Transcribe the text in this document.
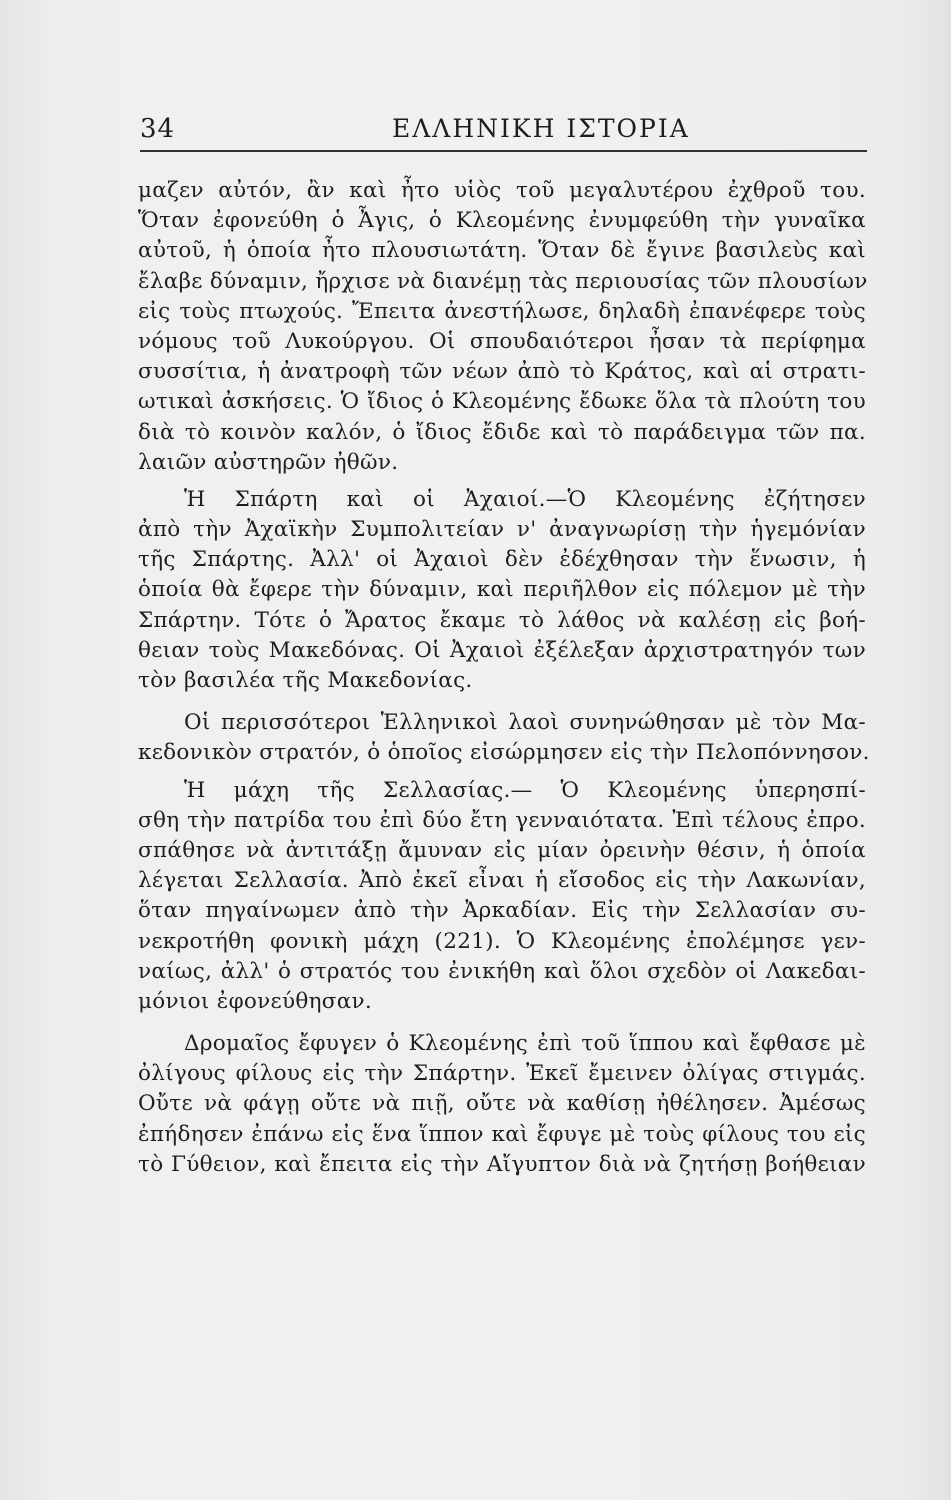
34	ΕΛΛΗΝΙΚΗ ΙΣΤΟΡΙΑ
μαζεν αὐτόν, ἂν καὶ ἦτο υἱὸς τοῦ μεγαλυτέρου ἐχθροῦ του.
Ὅταν ἐφονεύθη ὁ Ἆγις, ὁ Κλεομένης ἐνυμφεύθη τὴν γυναῖκα
αὐτοῦ, ἡ ὁποία ἦτο πλουσιωτάτη. Ὅταν δὲ ἔγινε βασιλεὺς καὶ
ἔλαβε δύναμιν, ἤρχισε νὰ διανέμῃ τὰς περιουσίας τῶν πλουσίων
εἰς τοὺς πτωχούς. Ἔπειτα ἀνεστήλωσε, δηλαδὴ ἐπανέφερε τοὺς
νόμους τοῦ Λυκούργου. Οἱ σπουδαιότεροι ἦσαν τὰ περίφημα
συσσίτια, ἡ ἀνατροφὴ τῶν νέων ἀπὸ τὸ Κράτος, καὶ αἱ στρατι-
ωτικαὶ ἀσκήσεις. Ὁ ἴδιος ὁ Κλεομένης ἔδωκε ὅλα τὰ πλούτη του
διὰ τὸ κοινὸν καλόν, ὁ ἴδιος ἔδιδε καὶ τὸ παράδειγμα τῶν πα.
λαιῶν αὐστηρῶν ἠθῶν.
Ἡ Σπάρτη καὶ οἱ Ἀχαιοί.—Ὁ Κλεομένης ἐζήτησεν
ἀπὸ τὴν Ἀχαϊκὴν Συμπολιτείαν ν' ἀναγνωρίσῃ τὴν ἡγεμόνίαν
τῆς Σπάρτης. Ἀλλ' οἱ Ἀχαιοὶ δὲν ἐδέχθησαν τὴν ἕνωσιν, ἡ
ὁποία θὰ ἔφερε τὴν δύναμιν, καὶ περιῆλθον εἰς πόλεμον μὲ τὴν
Σπάρτην. Τότε ὁ Ἄρατος ἔκαμε τὸ λάθος νὰ καλέσῃ εἰς βοή-
θειαν τοὺς Μακεδόνας. Οἱ Ἀχαιοὶ ἐξέλεξαν ἀρχιστρατηγόν των
τὸν βασιλέα τῆς Μακεδονίας.
Οἱ περισσότεροι Ἑλληνικοὶ λαοὶ συνηνώθησαν μὲ τὸν Μα-
κεδονικὸν στρατόν, ὁ ὁποῖος εἰσώρμησεν εἰς τὴν Πελοπόννησον.
Ἡ μάχη τῆς Σελλασίας.— Ὁ Κλεομένης ὑπερησπί-
σθη τὴν πατρίδα του ἐπὶ δύο ἔτη γενναιότατα. Ἐπὶ τέλους ἐπρο.
σπάθησε νὰ ἀντιτάξῃ ἄμυναν εἰς μίαν ὀρεινὴν θέσιν, ἡ ὁποία
λέγεται Σελλασία. Ἀπὸ ἐκεῖ εἶναι ἡ εἴσοδος εἰς τὴν Λακωνίαν,
ὅταν πηγαίνωμεν ἀπὸ τὴν Ἀρκαδίαν. Εἰς τὴν Σελλασίαν συ-
νεκροτήθη φονικὴ μάχη (221). Ὁ Κλεομένης ἐπολέμησε γεν-
ναίως, ἀλλ' ὁ στρατός του ἐνικήθη καὶ ὅλοι σχεδὸν οἱ Λακεδαι-
μόνιοι ἐφονεύθησαν.
Δρομαῖος ἔφυγεν ὁ Κλεομένης ἐπὶ τοῦ ἵππου καὶ ἔφθασε μὲ
ὀλίγους φίλους εἰς τὴν Σπάρτην. Ἐκεῖ ἔμεινεν ὀλίγας στιγμάς.
Οὔτε νὰ φάγῃ οὔτε νὰ πιῇ, οὔτε νὰ καθίσῃ ἠθέλησεν. Ἀμέσως
ἐπήδησεν ἐπάνω εἰς ἕνα ἵππον καὶ ἔφυγε μὲ τοὺς φίλους του εἰς
τὸ Γύθειον, καὶ ἔπειτα εἰς τὴν Αἴγυπτον διὰ νὰ ζητήσῃ βοήθειαν
